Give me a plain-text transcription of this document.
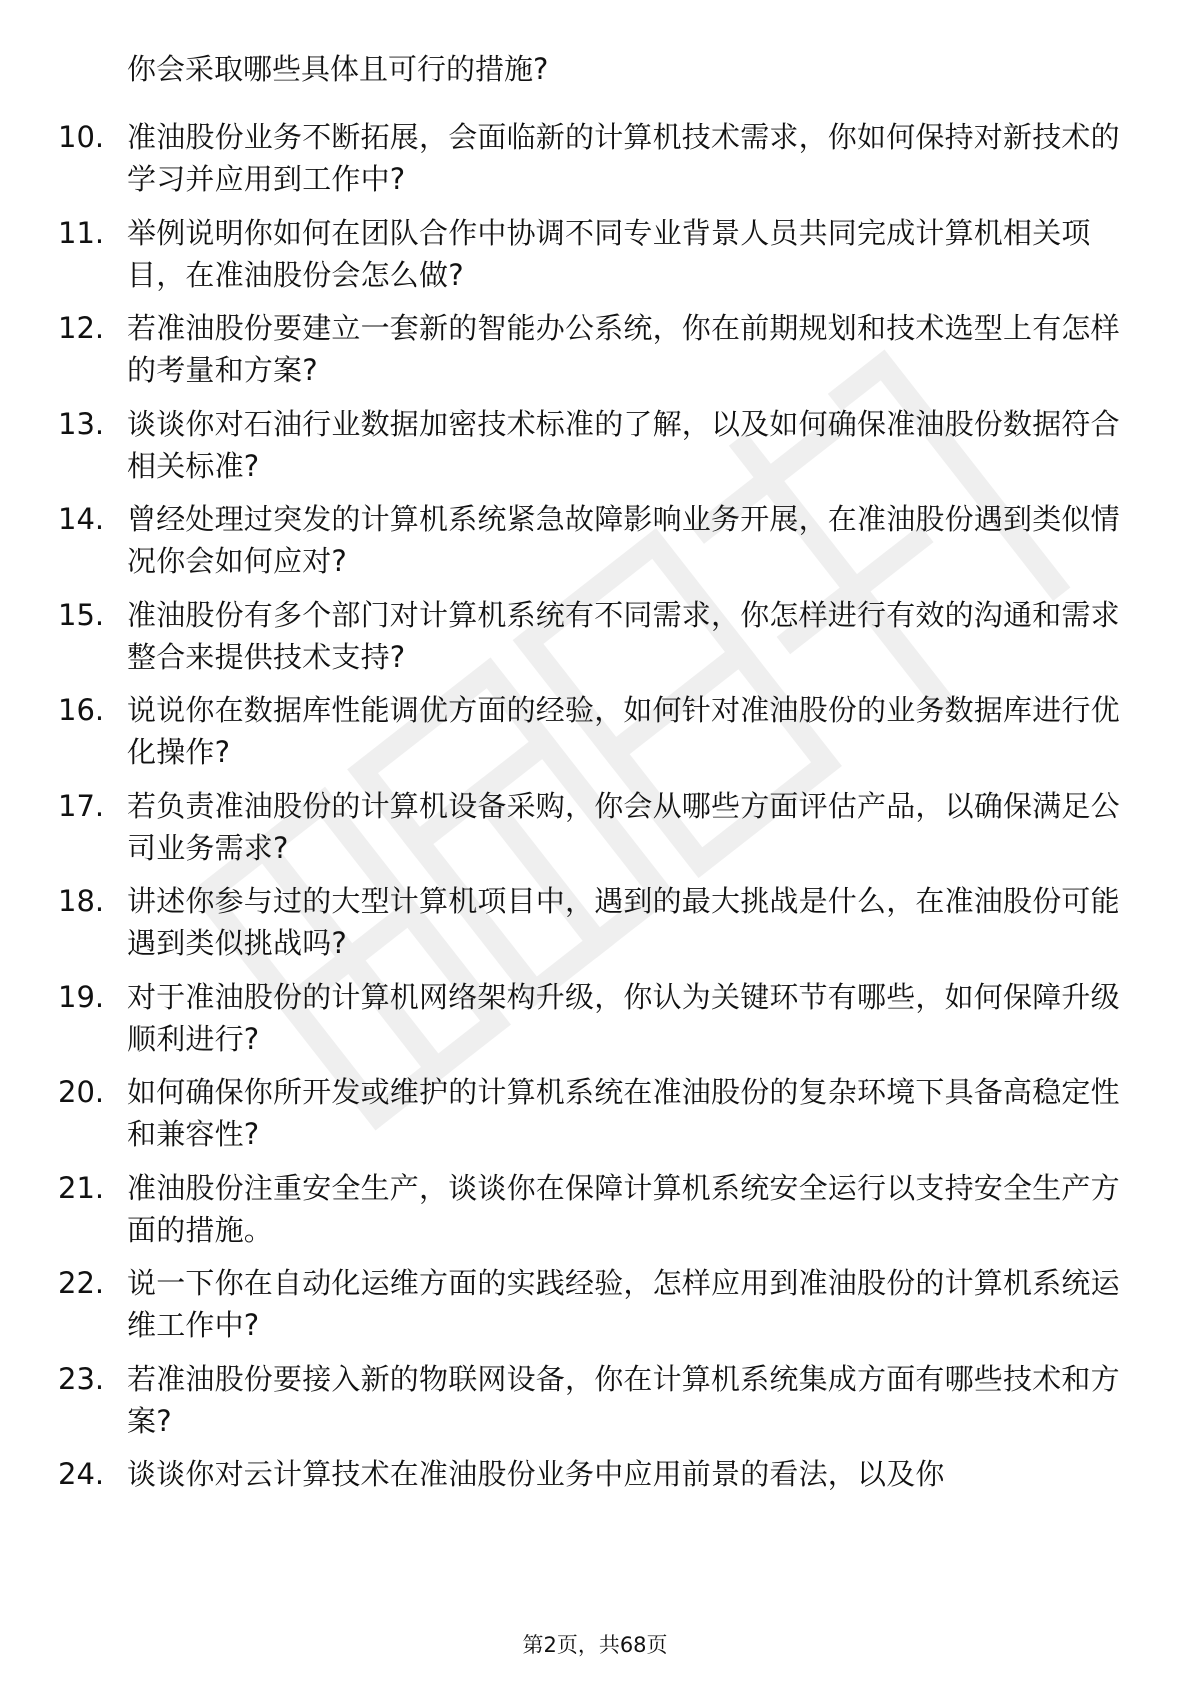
你会采取哪些具体且可行的措施?
10. 准油股份业务不断拓展，会面临新的计算机技术需求，你如何保持对新技术的学习并应用到工作中?
11. 举例说明你如何在团队合作中协调不同专业背景人员共同完成计算机相关项目，在准油股份会怎么做?
12. 若准油股份要建立一套新的智能办公系统，你在前期规划和技术选型上有怎样的考量和方案?
13. 谈谈你对石油行业数据加密技术标准的了解，以及如何确保准油股份数据符合相关标准?
14. 曾经处理过突发的计算机系统紧急故障影响业务开展，在准油股份遇到类似情况你会如何应对?
15. 准油股份有多个部门对计算机系统有不同需求，你怎样进行有效的沟通和需求整合来提供技术支持?
16. 说说你在数据库性能调优方面的经验，如何针对准油股份的业务数据库进行优化操作?
17. 若负责准油股份的计算机设备采购，你会从哪些方面评估产品，以确保满足公司业务需求?
18. 讲述你参与过的大型计算机项目中，遇到的最大挑战是什么，在准油股份可能遇到类似挑战吗?
19. 对于准油股份的计算机网络架构升级，你认为关键环节有哪些，如何保障升级顺利进行?
20. 如何确保你所开发或维护的计算机系统在准油股份的复杂环境下具备高稳定性和兼容性?
21. 准油股份注重安全生产，谈谈你在保障计算机系统安全运行以支持安全生产方面的措施。
22. 说一下你在自动化运维方面的实践经验，怎样应用到准油股份的计算机系统运维工作中?
23. 若准油股份要接入新的物联网设备，你在计算机系统集成方面有哪些技术和方案?
24. 谈谈你对云计算技术在准油股份业务中应用前景的看法，以及你
第2页，共68页
